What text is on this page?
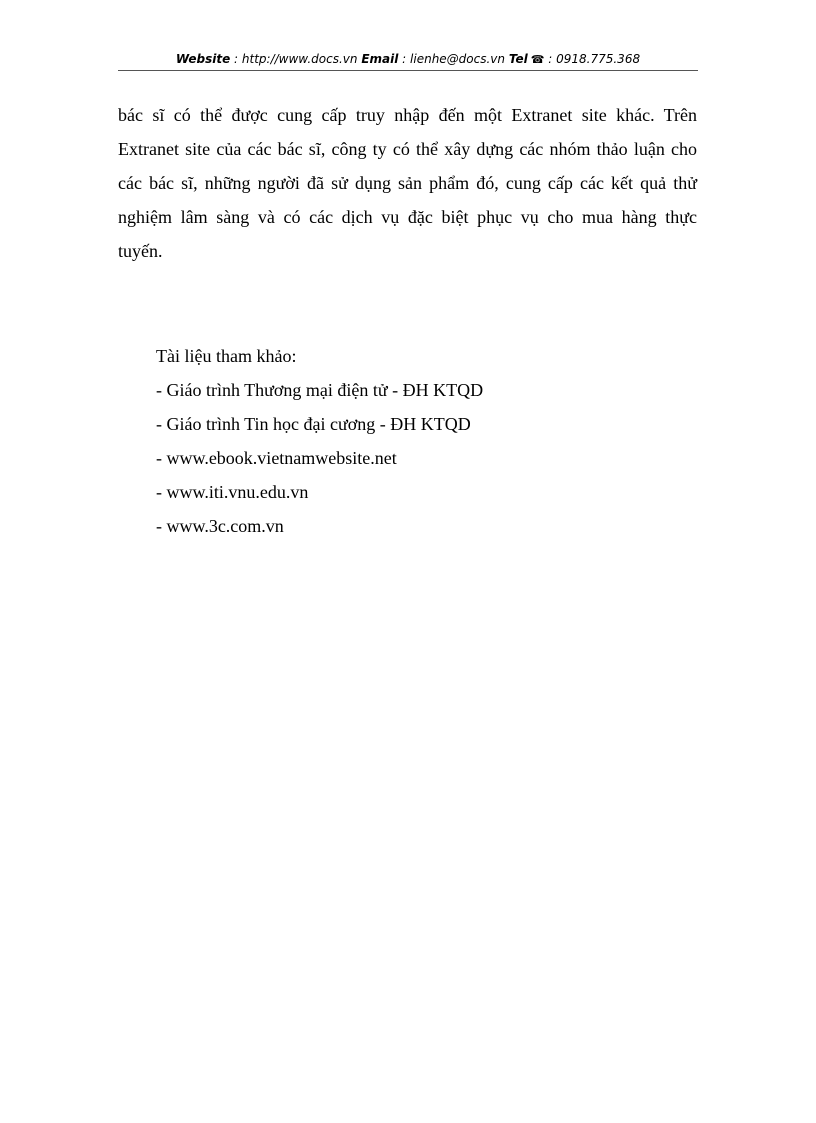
Website : http://www.docs.vn Email : lienhe@docs.vn Tel ☎ : 0918.775.368
bác sĩ có thể được cung cấp truy nhập đến một Extranet site khác. Trên
Extranet site của các bác sĩ, công ty có thể xây dựng các nhóm thảo luận cho
các bác sĩ, những người đã sử dụng sản phẩm đó, cung cấp các kết quả thử
nghiệm lâm sàng và có các dịch vụ đặc biệt phục vụ cho mua hàng thực
tuyến.
Tài liệu tham khảo:
- Giáo trình Thương mại điện tử - ĐH KTQD
- Giáo trình Tin học đại cương - ĐH KTQD
- www.ebook.vietnamwebsite.net
- www.iti.vnu.edu.vn
- www.3c.com.vn
